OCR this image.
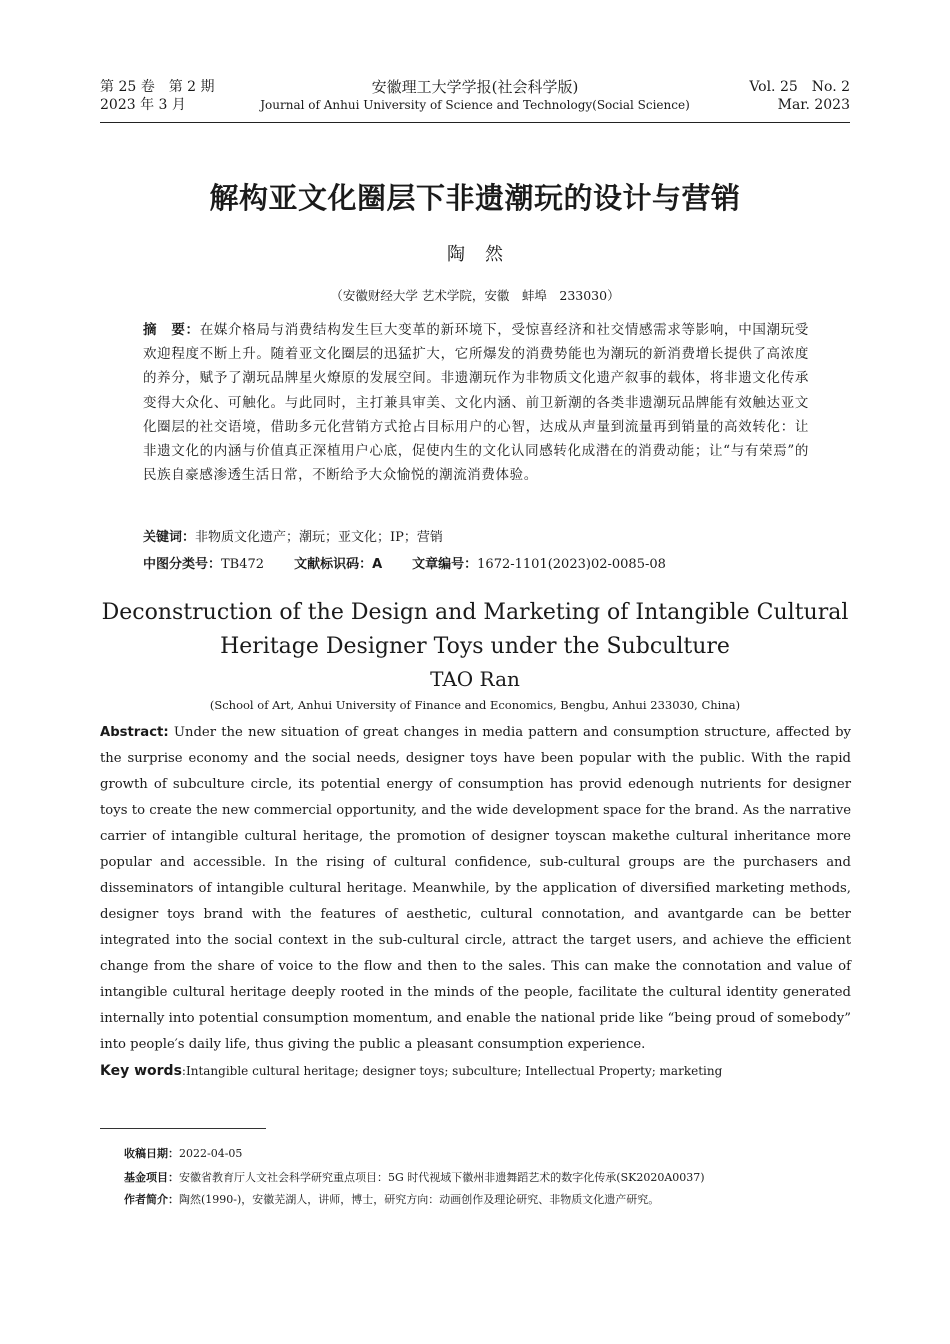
第 25 卷　第 2 期
2023 年 3 月
安徽理工大学学报(社会科学版)
Journal of Anhui University of Science and Technology(Social Science)
Vol. 25　No. 2
Mar. 2023
解构亚文化圈层下非遗潮玩的设计与营销
陶然
（安徽财经大学 艺术学院，安徽　蚌埠　233030）
摘　要：在媒介格局与消费结构发生巨大变革的新环境下，受惊喜经济和社交情感需求等影响，中国潮玩受欢迎程度不断上升。随着亚文化圈层的迅猛扩大，它所爆发的消费势能也为潮玩的新消费增长提供了高浓度的养分，赋予了潮玩品牌星火燎原的发展空间。非遗潮玩作为非物质文化遗产叙事的载体，将非遗文化传承变得大众化、可触化。与此同时，主打兼具审美、文化内涵、前卫新潮的各类非遗潮玩品牌能有效触达亚文化圈层的社交语境，借助多元化营销方式抢占目标用户的心智，达成从声量到流量再到销量的高效转化：让非遗文化的内涵与价值真正深植用户心底，促使内生的文化认同感转化成潜在的消费动能；让“与有荣焉”的民族自豪感渗透生活日常，不断给予大众愉悦的潮流消费体验。
关键词：非物质文化遗产；潮玩；亚文化；IP；营销
中图分类号：TB472 文献标识码：A 文章编号：1672-1101(2023)02-0085-08
Deconstruction of the Design and Marketing of Intangible Cultural
Heritage Designer Toys under the Subculture
TAO Ran
(School of Art, Anhui University of Finance and Economics, Bengbu, Anhui 233030, China)
Abstract: Under the new situation of great changes in media pattern and consumption structure, affected by the surprise economy and the social needs, designer toys have been popular with the public. With the rapid growth of subculture circle, its potential energy of consumption has provid edenough nutrients for designer toys to create the new commercial opportunity, and the wide development space for the brand. As the narrative carrier of intangible cultural heritage, the promotion of designer toyscan makethe cultural inheritance more popular and accessible. In the rising of cultural confidence, sub-cultural groups are the purchasers and disseminators of intangible cultural heritage. Meanwhile, by the application of diversified marketing methods, designer toys brand with the features of aesthetic, cultural connotation, and avantgarde can be better integrated into the social context in the sub-cultural circle, attract the target users, and achieve the efficient change from the share of voice to the flow and then to the sales. This can make the connotation and value of intangible cultural heritage deeply rooted in the minds of the people, facilitate the cultural identity generated internally into potential consumption momentum, and enable the national pride like “being proud of somebody” into people′s daily life, thus giving the public a pleasant consumption experience.
Key words:Intangible cultural heritage; designer toys; subculture; Intellectual Property; marketing
收稿日期：2022-04-05
基金项目：安徽省教育厅人文社会科学研究重点项目：5G 时代视域下徽州非遗舞蹈艺术的数字化传承(SK2020A0037)
作者简介：陶然(1990-)，安徽芜湖人，讲师，博士，研究方向：动画创作及理论研究、非物质文化遗产研究。
